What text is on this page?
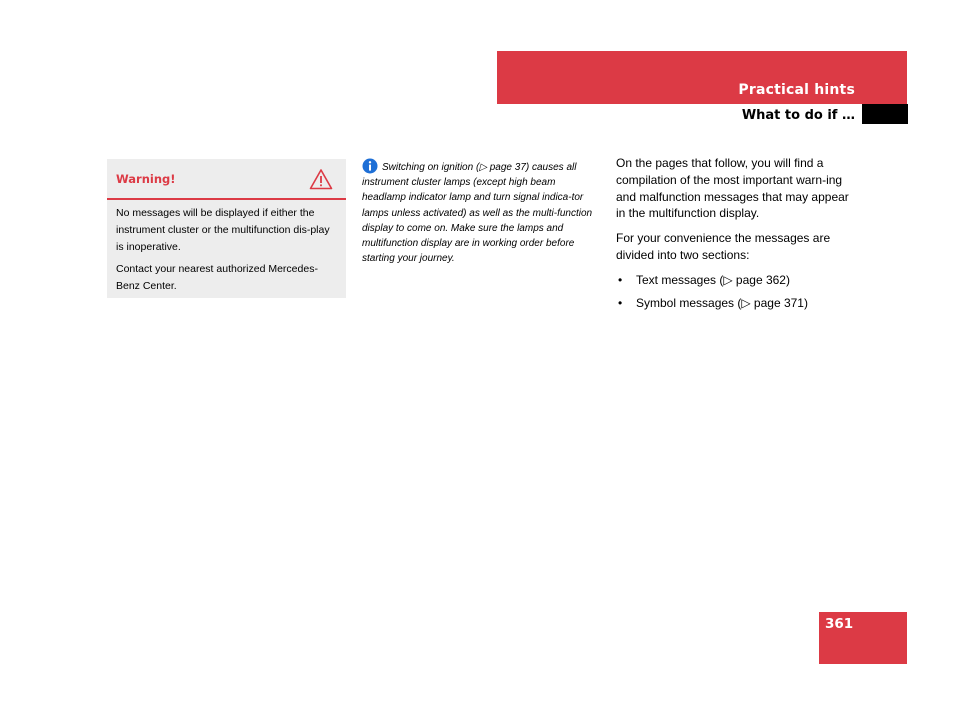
Practical hints
What to do if …
Warning!

No messages will be displayed if either the instrument cluster or the multifunction dis-play is inoperative.

Contact your nearest authorized Mercedes-Benz Center.

Switching on ignition (▷ page 37) causes all instrument cluster lamps (except high beam headlamp indicator lamp and turn signal indica-tor lamps unless activated) as well as the multi-function display to come on. Make sure the lamps and multifunction display are in working order before starting your journey.

On the pages that follow, you will find a compilation of the most important warn-ing and malfunction messages that may appear in the multifunction display.

For your convenience the messages are divided into two sections:

• Text messages (▷ page 362)
• Symbol messages (▷ page 371)
361
